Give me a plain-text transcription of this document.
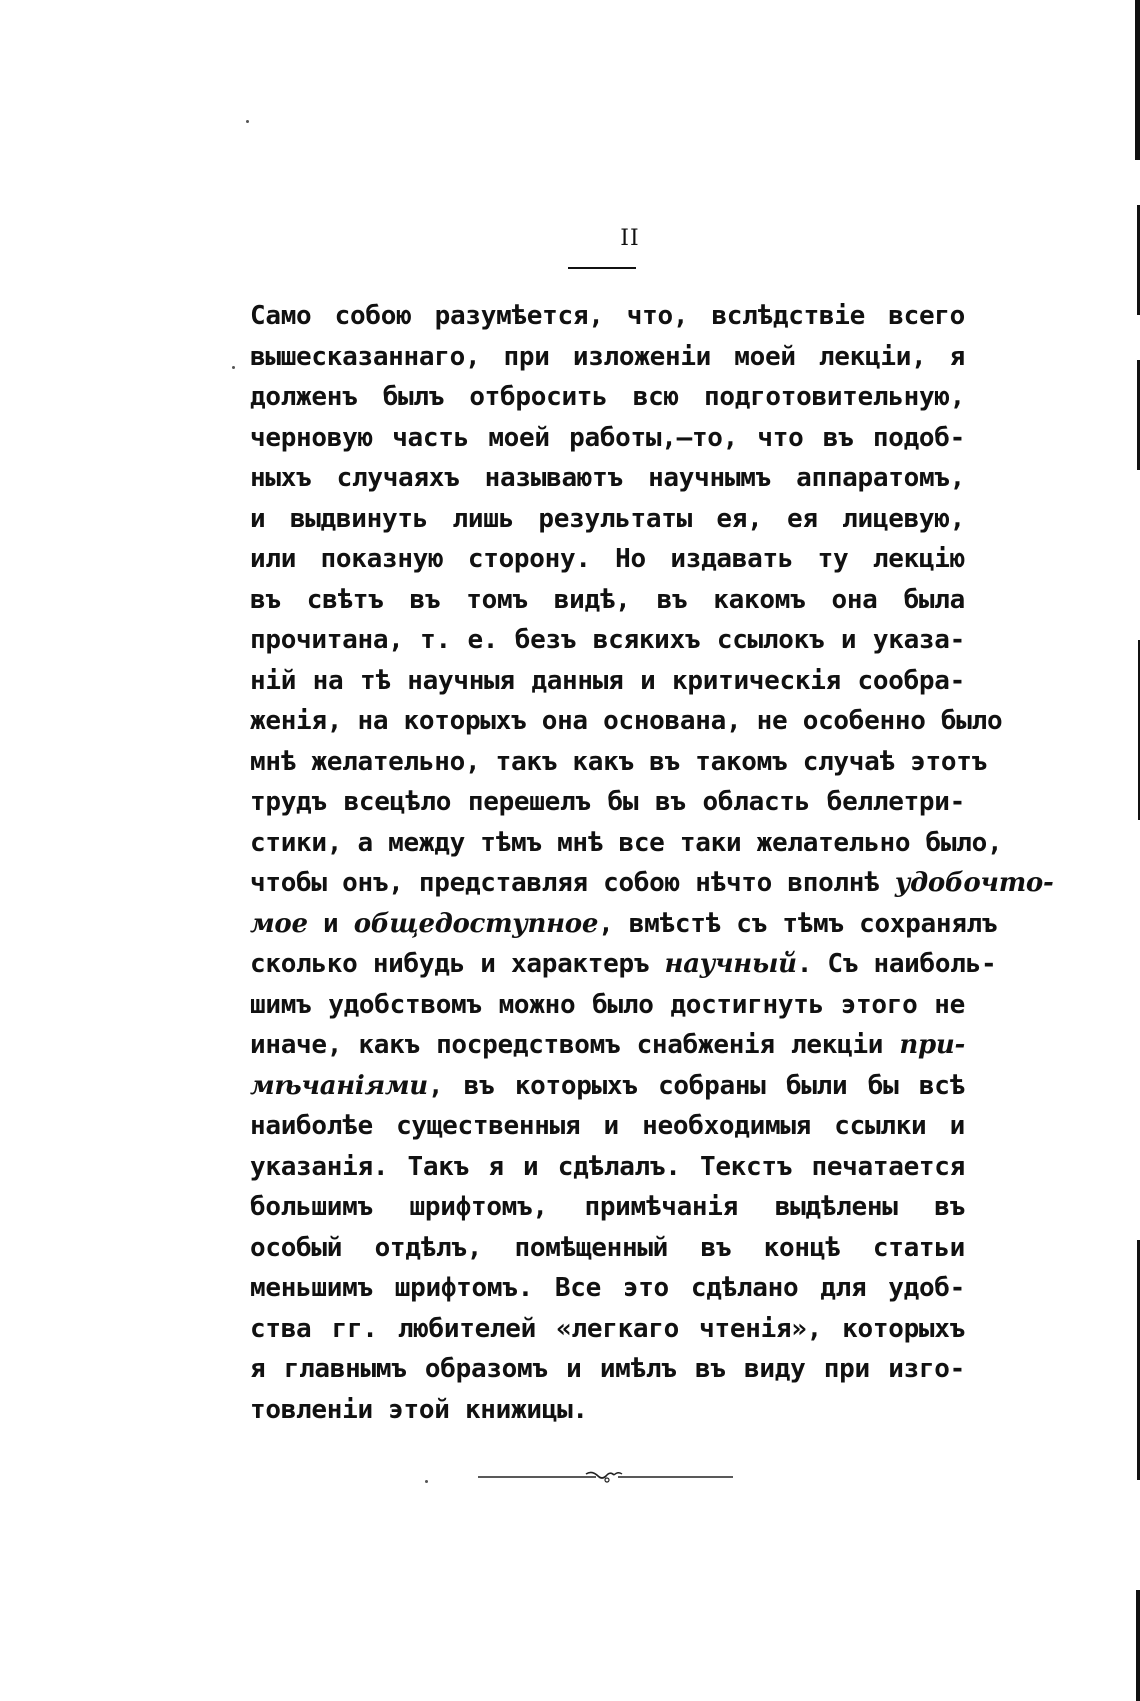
II
Само собою разумѣется, что, вслѣдствіе всего
вышесказаннаго, при изложеніи моей лекціи, я
долженъ былъ отбросить всю подготовительную,
черновую часть моей работы,—то, что въ подоб-
ныхъ случаяхъ называютъ научнымъ аппаратомъ,
и выдвинуть лишь результаты ея, ея лицевую,
или показную сторону. Но издавать ту лекцію
въ свѣтъ въ томъ видѣ, въ какомъ она была
прочитана, т. е. безъ всякихъ ссылокъ и указа-
ній на тѣ научныя данныя и критическія сообра-
женія, на которыхъ она основана, не особенно было
мнѣ желательно, такъ какъ въ такомъ случаѣ этотъ
трудъ всецѣло перешелъ бы въ область беллетри-
стики, а между тѣмъ мнѣ все таки желательно было,
чтобы онъ, представляя собою нѣчто вполнѣ удобочто-
мое и общедоступное, вмѣстѣ съ тѣмъ сохранялъ
сколько нибудь и характеръ научный. Съ наиболь-
шимъ удобствомъ можно было достигнуть этого не
иначе, какъ посредствомъ снабженія лекціи при-
мѣчаніями, въ которыхъ собраны были бы всѣ
наиболѣе существенныя и необходимыя ссылки и
указанія. Такъ я и сдѣлалъ. Текстъ печатается
большимъ шрифтомъ, примѣчанія выдѣлены въ
особый отдѣлъ, помѣщенный въ концѣ статьи
меньшимъ шрифтомъ. Все это сдѣлано для удоб-
ства гг. любителей «легкаго чтенія», которыхъ
я главнымъ образомъ и имѣлъ въ виду при изго-
товленіи этой книжицы.
